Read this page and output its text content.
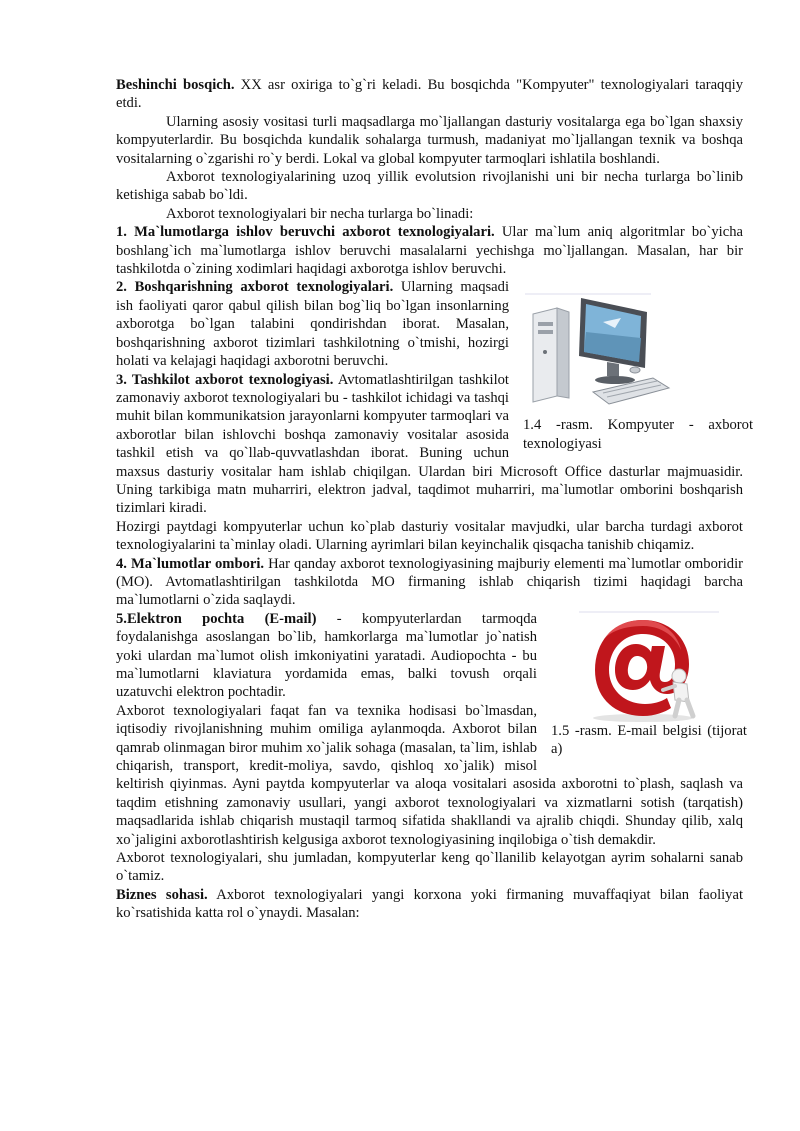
Beshinchi bosqich. XX asr oxiriga to`g`ri keladi. Bu bosqichda "Kompyuter" texnologiyalari taraqqiy etdi.

Ularning asosiy vositasi turli maqsadlarga mo`ljallangan dasturiy vositalarga ega bo`lgan shaxsiy kompyuterlardir. Bu bosqichda kundalik sohalarga turmush, madaniyat mo`ljallangan texnik va boshqa vositalarning o`zgarishi ro`y berdi. Lokal va global kompyuter tarmoqlari ishlatila boshlandi.

Axborot texnologiyalarining uzoq yillik evolutsion rivojlanishi uni bir necha turlarga bo`linib ketishiga sabab bo`ldi.

Axborot texnologiyalari bir necha turlarga bo`linadi:

1. Ma`lumotlarga ishlov beruvchi axborot texnologiyalari. Ular ma`lum aniq algoritmlar bo`yicha boshlang`ich ma`lumotlarga ishlov beruvchi masalalarni yechishga mo`ljallangan. Masalan, har bir tashkilotda o`zining xodimlari haqidagi axborotga ishlov beruvchi.

1.4 -rasm. Kompyuter - axborot texnologiyasi

2. Boshqarishning axborot texnologiyalari. Ularning maqsadi ish faoliyati qaror qabul qilish bilan bog`liq bo`lgan insonlarning axborotga bo`lgan talabini qondirishdan iborat. Masalan, boshqarishning axborot tizimlari tashkilotning o`tmishi, hozirgi holati va kelajagi haqidagi axborotni beruvchi.

3. Tashkilot axborot texnologiyasi. Avtomatlashtirilgan tashkilot zamonaviy axborot texnologiyalari bu - tashkilot ichidagi va tashqi muhit bilan kommunikatsion jarayonlarni kompyuter tarmoqlari va axborotlar bilan ishlovchi boshqa zamonaviy vositalar asosida tashkil etish va qo`llab-quvvatlashdan iborat. Buning uchun maxsus dasturiy vositalar ham ishlab chiqilgan. Ulardan biri Microsoft Office dasturlar majmuasidir. Uning tarkibiga matn muharriri, elektron jadval, taqdimot muharriri, ma`lumotlar omborini boshqarish tizimlari kiradi.

Hozirgi paytdagi kompyuterlar uchun ko`plab dasturiy vositalar mavjudki, ular barcha turdagi axborot texnologiyalarini ta`minlay oladi. Ularning ayrimlari bilan keyinchalik qisqacha tanishib chiqamiz.

4. Ma`lumotlar ombori. Har qanday axborot texnologiyasining majburiy elementi ma`lumotlar omboridir (MO). Avtomatlashtirilgan tashkilotda MO firmaning ishlab chiqarish tizimi haqidagi barcha ma`lumotlarni o`zida saqlaydi.

1.5 -rasm. E-mail belgisi (tijorat a)

5.Elektron pochta (E-mail) - kompyuterlardan tarmoqda foydalanishga asoslangan bo`lib, hamkorlarga ma`lumotlar jo`natish yoki ulardan ma`lumot olish imkoniyatini yaratadi. Audiopochta - bu ma`lumotlarni klaviatura yordamida emas, balki tovush orqali uzatuvchi elektron pochtadir.

Axborot texnologiyalari faqat fan va texnika hodisasi bo`lmasdan, iqtisodiy rivojlanishning muhim omiliga aylanmoqda. Axborot bilan qamrab olinmagan biror muhim xo`jalik sohaga (masalan, ta`lim, ishlab chiqarish, transport, kredit-moliya, savdo, qishloq xo`jalik) misol keltirish qiyinmas. Ayni paytda kompyuterlar va aloqa vositalari asosida axborotni to`plash, saqlash va taqdim etishning zamonaviy usullari, yangi axborot texnologiyalari va xizmatlarni sotish (tarqatish) maqsadlarida ishlab chiqarish mustaqil tarmoq sifatida shakllandi va ajralib chiqdi. Shunday qilib, xalq xo`jaligini axborotlashtirish kelgusiga axborot texnologiyasining inqilobiga o`tish demakdir.

Axborot texnologiyalari, shu jumladan, kompyuterlar keng qo`llanilib kelayotgan ayrim sohalarni sanab o`tamiz.

Biznes sohasi. Axborot texnologiyalari yangi korxona yoki firmaning muvaffaqiyat bilan faoliyat ko`rsatishida katta rol o`ynaydi. Masalan:
